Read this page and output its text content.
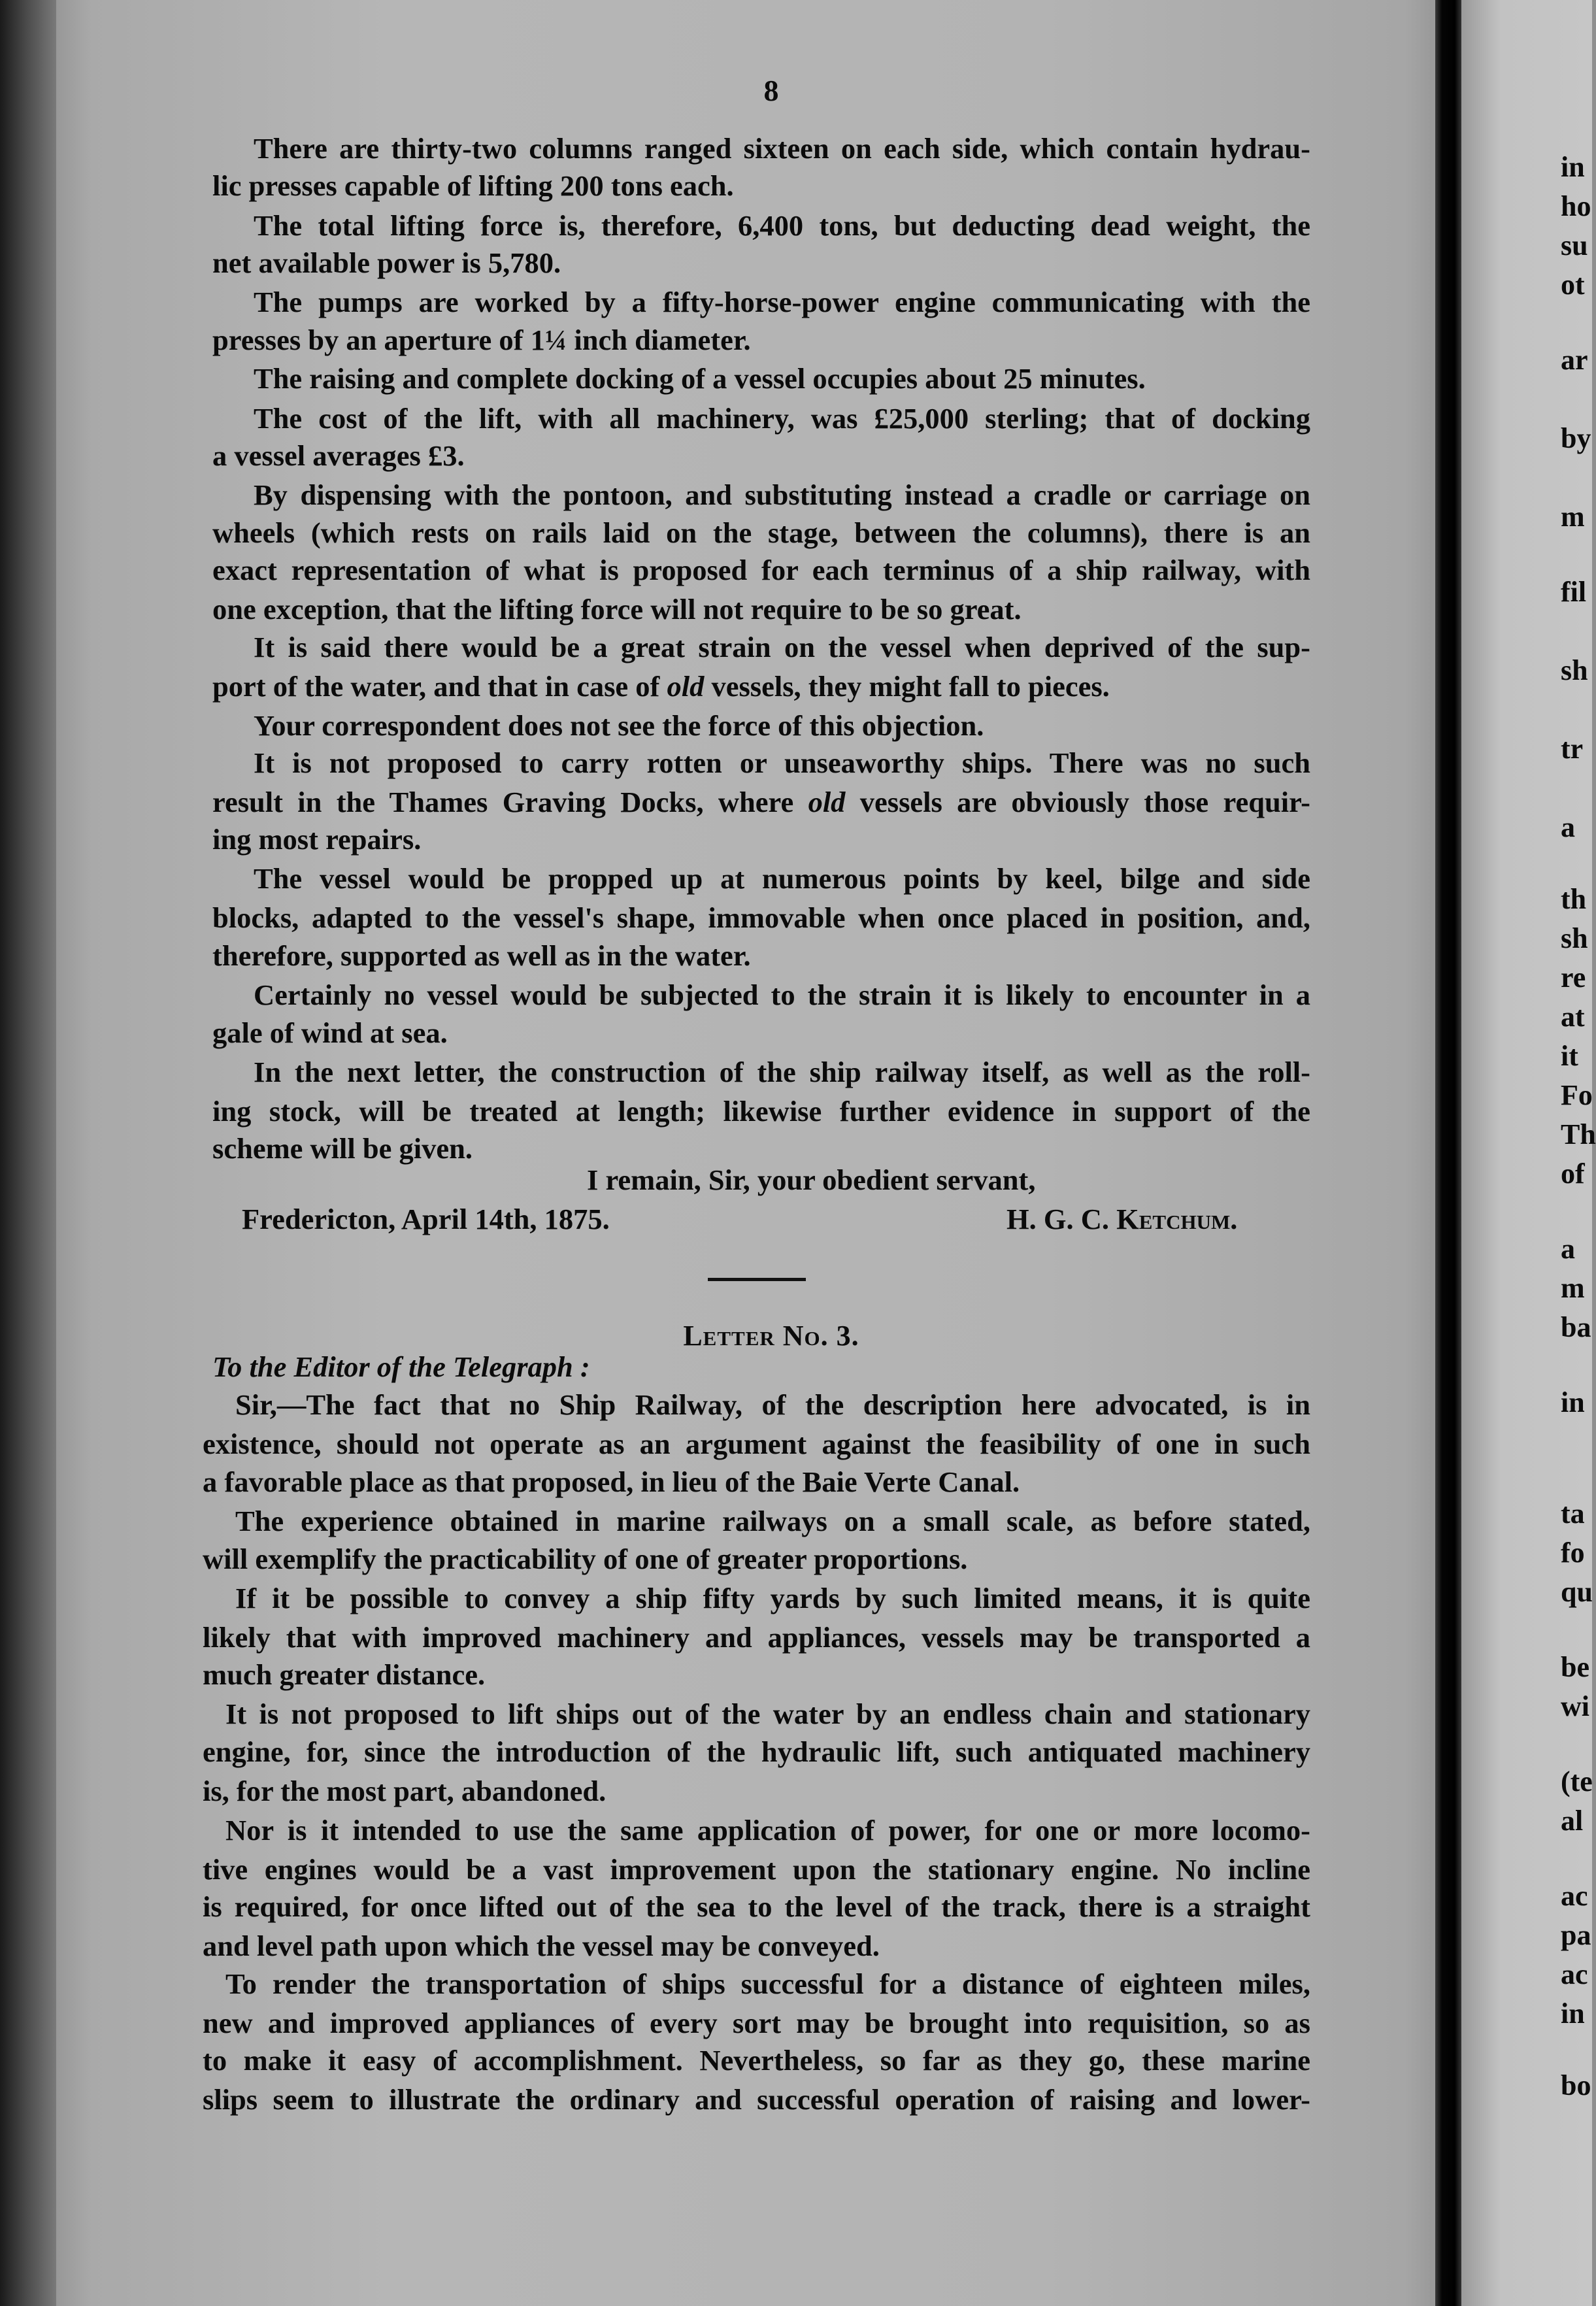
8
There are thirty-two columns ranged sixteen on each side, which contain hydrau-
lic presses capable of lifting 200 tons each.
The total lifting force is, therefore, 6,400 tons, but deducting dead weight, the
net available power is 5,780.
The pumps are worked by a fifty-horse-power engine communicating with the
presses by an aperture of 1¼ inch diameter.
The raising and complete docking of a vessel occupies about 25 minutes.
The cost of the lift, with all machinery, was £25,000 sterling; that of docking
a vessel averages £3.
By dispensing with the pontoon, and substituting instead a cradle or carriage on
wheels (which rests on rails laid on the stage, between the columns), there is an
exact representation of what is proposed for each terminus of a ship railway, with
one exception, that the lifting force will not require to be so great.
It is said there would be a great strain on the vessel when deprived of the sup-
port of the water, and that in case of old vessels, they might fall to pieces.
Your correspondent does not see the force of this objection.
It is not proposed to carry rotten or unseaworthy ships. There was no such
result in the Thames Graving Docks, where old vessels are obviously those requir-
ing most repairs.
The vessel would be propped up at numerous points by keel, bilge and side
blocks, adapted to the vessel's shape, immovable when once placed in position, and,
therefore, supported as well as in the water.
Certainly no vessel would be subjected to the strain it is likely to encounter in a
gale of wind at sea.
In the next letter, the construction of the ship railway itself, as well as the roll-
ing stock, will be treated at length; likewise further evidence in support of the
scheme will be given.
I remain, Sir, your obedient servant,
Fredericton, April 14th, 1875.	H. G. C. Ketchum.
Letter No. 3.
To the Editor of the Telegraph :
Sir,—The fact that no Ship Railway, of the description here advocated, is in
existence, should not operate as an argument against the feasibility of one in such
a favorable place as that proposed, in lieu of the Baie Verte Canal.
The experience obtained in marine railways on a small scale, as before stated,
will exemplify the practicability of one of greater proportions.
If it be possible to convey a ship fifty yards by such limited means, it is quite
likely that with improved machinery and appliances, vessels may be transported a
much greater distance.
It is not proposed to lift ships out of the water by an endless chain and stationary
engine, for, since the introduction of the hydraulic lift, such antiquated machinery
is, for the most part, abandoned.
Nor is it intended to use the same application of power, for one or more locomo-
tive engines would be a vast improvement upon the stationary engine. No incline
is required, for once lifted out of the sea to the level of the track, there is a straight
and level path upon which the vessel may be conveyed.
To render the transportation of ships successful for a distance of eighteen miles,
new and improved appliances of every sort may be brought into requisition, so as
to make it easy of accomplishment. Nevertheless, so far as they go, these marine
slips seem to illustrate the ordinary and successful operation of raising and lower-
in
ho
su
ot
ar
by
m
fil
sh
tr
a
th
sh
re
at
it
Fo
Th
of
a
m
ba
in
ta
fo
qu
be
wi
(te
al
ac
pa
ac
in
bo
